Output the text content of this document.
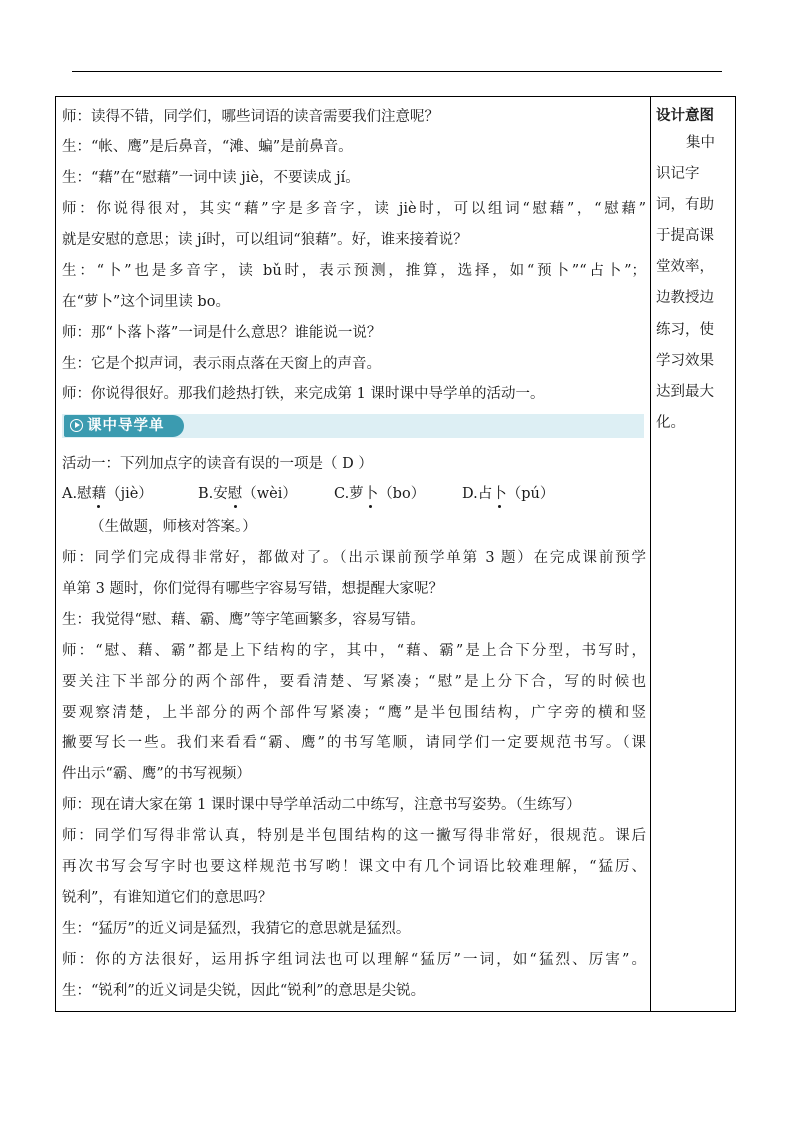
师：读得不错，同学们，哪些词语的读音需要我们注意呢？
生：“帐、鹰”是后鼻音，“滩、蝙”是前鼻音。
生：“藉”在“慰藉”一词中读 jiè，不要读成 jí。
师：你说得很对，其实“藉”字是多音字，读 jiè时，可以组词“慰藉”，“慰藉”
就是安慰的意思；读 jí时，可以组词“狼藉”。好，谁来接着说？
生：“卜”也是多音字，读 bǔ时，表示预测，推算，选择，如“预卜”“占卜”；
在“萝卜”这个词里读 bo。
师：那“卜落卜落”一词是什么意思？谁能说一说？
生：它是个拟声词，表示雨点落在天窗上的声音。
师：你说得很好。那我们趁热打铁，来完成第 1 课时课中导学单的活动一。
课中导学单
活动一：下列加点字的读音有误的一项是（ D ）
A.慰藉（jiè）	B.安慰（wèi）	C.萝卜（bo）	D.占卜（pú）
（生做题，师核对答案。）
师：同学们完成得非常好，都做对了。（出示课前预学单第 3 题）在完成课前预学
单第 3 题时，你们觉得有哪些字容易写错，想提醒大家呢？
生：我觉得“慰、藉、霸、鹰”等字笔画繁多，容易写错。
师：“慰、藉、霸”都是上下结构的字，其中，“藉、霸”是上合下分型，书写时，
要关注下半部分的两个部件，要看清楚、写紧凑；“慰”是上分下合，写的时候也
要观察清楚，上半部分的两个部件写紧凑；“鹰”是半包围结构，广字旁的横和竖
撇要写长一些。我们来看看“霸、鹰”的书写笔顺，请同学们一定要规范书写。（课
件出示“霸、鹰”的书写视频）
师：现在请大家在第 1 课时课中导学单活动二中练写，注意书写姿势。（生练写）
师：同学们写得非常认真，特别是半包围结构的这一撇写得非常好，很规范。课后
再次书写会写字时也要这样规范书写哟！课文中有几个词语比较难理解，“猛厉、
锐利”，有谁知道它们的意思吗？
生：“猛厉”的近义词是猛烈，我猜它的意思就是猛烈。
师：你的方法很好，运用拆字组词法也可以理解“猛厉”一词，如“猛烈、厉害”。
生：“锐利”的近义词是尖锐，因此“锐利”的意思是尖锐。
设计意图
集中
识记字
词，有助
于提高课
堂效率，
边教授边
练习，使
学习效果
达到最大
化。
